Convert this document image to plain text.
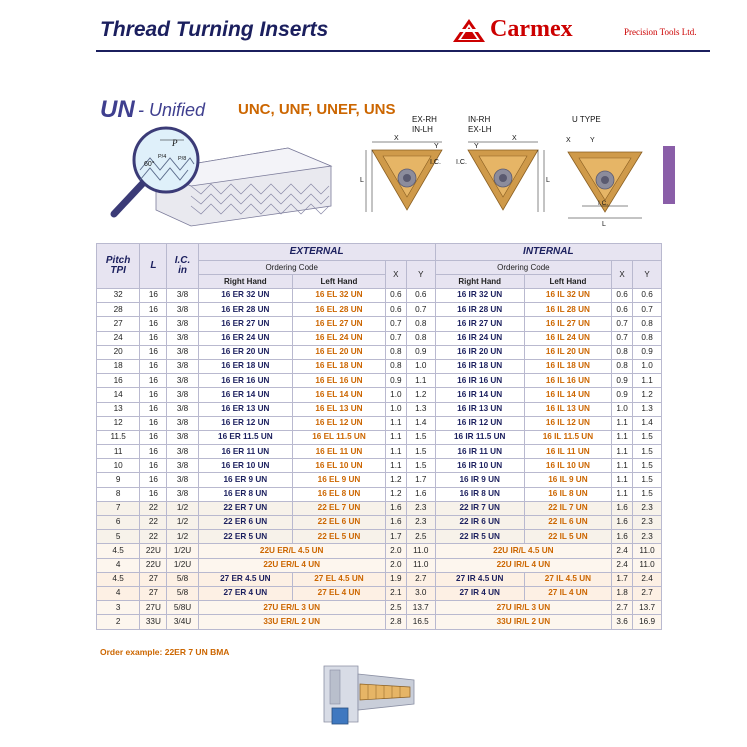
Thread Turning Inserts	Carmex	Precision Tools Ltd.
UN - Unified UNC, UNF, UNEF, UNS
P
60°
P/4 P/8
EX-RH
IN-LH
L
X
Y
I.C.
IN-RH
EX-LH
L
X
Y
I.C.
U TYPE
X	Y
I.C.
L
Pitch
TPI	L	I.C.
in
	EXTERNAL	INTERNAL
			Ordering Code		X	Y	Ordering Code		X	Y
			Right Hand	Left Hand			Right Hand	Left Hand		
32	16	3/8	16 ER 32 UN	16 EL 32 UN	0.6	0.6	16 IR 32 UN	16 IL 32 UN	0.6	0.6
28	16	3/8	16 ER 28 UN	16 EL 28 UN	0.6	0.7	16 IR 28 UN	16 IL 28 UN	0.6	0.7
27	16	3/8	16 ER 27 UN	16 EL 27 UN	0.7	0.8	16 IR 27 UN	16 IL 27 UN	0.7	0.8
24	16	3/8	16 ER 24 UN	16 EL 24 UN	0.7	0.8	16 IR 24 UN	16 IL 24 UN	0.7	0.8
20	16	3/8	16 ER 20 UN	16 EL 20 UN	0.8	0.9	16 IR 20 UN	16 IL 20 UN	0.8	0.9
18	16	3/8	16 ER 18 UN	16 EL 18 UN	0.8	1.0	16 IR 18 UN	16 IL 18 UN	0.8	1.0
16	16	3/8	16 ER 16 UN	16 EL 16 UN	0.9	1.1	16 IR 16 UN	16 IL 16 UN	0.9	1.1
14	16	3/8	16 ER 14 UN	16 EL 14 UN	1.0	1.2	16 IR 14 UN	16 IL 14 UN	0.9	1.2
13	16	3/8	16 ER 13 UN	16 EL 13 UN	1.0	1.3	16 IR 13 UN	16 IL 13 UN	1.0	1.3
12	16	3/8	16 ER 12 UN	16 EL 12 UN	1.1	1.4	16 IR 12 UN	16 IL 12 UN	1.1	1.4
11.5	16	3/8	16 ER 11.5 UN	16 EL 11.5 UN	1.1	1.5	16 IR 11.5 UN	16 IL 11.5 UN	1.1	1.5
11	16	3/8	16 ER 11 UN	16 EL 11 UN	1.1	1.5	16 IR 11 UN	16 IL 11 UN	1.1	1.5
10	16	3/8	16 ER 10 UN	16 EL 10 UN	1.1	1.5	16 IR 10 UN	16 IL 10 UN	1.1	1.5
9	16	3/8	16 ER 9 UN	16 EL 9 UN	1.2	1.7	16 IR 9 UN	16 IL 9 UN	1.1	1.5
8	16	3/8	16 ER 8 UN	16 EL 8 UN	1.2	1.6	16 IR 8 UN	16 IL 8 UN	1.1	1.5
7	22	1/2	22 ER 7 UN	22 EL 7 UN	1.6	2.3	22 IR 7 UN	22 IL 7 UN	1.6	2.3
6	22	1/2	22 ER 6 UN	22 EL 6 UN	1.6	2.3	22 IR 6 UN	22 IL 6 UN	1.6	2.3
5	22	1/2	22 ER 5 UN	22 EL 5 UN	1.7	2.5	22 IR 5 UN	22 IL 5 UN	1.6	2.3
4.5	22U	1/2U	22U ER/L 4.5 UN		2.0	11.0	22U IR/L 4.5 UN		2.4	11.0
4	22U	1/2U	22U ER/L 4 UN		2.0	11.0	22U IR/L 4 UN		2.4	11.0
4.5	27	5/8	27 ER 4.5 UN	27 EL 4.5 UN	1.9	2.7	27 IR 4.5 UN	27 IL 4.5 UN	1.7	2.4
4	27	5/8	27 ER 4 UN	27 EL 4 UN	2.1	3.0	27 IR 4 UN	27 IL 4 UN	1.8	2.7
3	27U	5/8U	27U ER/L 3 UN		2.5	13.7	27U IR/L 3 UN		2.7	13.7
2	33U	3/4U	33U ER/L 2 UN		2.8	16.5	33U IR/L 2 UN		3.6	16.9
Order example: 22ER 7 UN BMA
